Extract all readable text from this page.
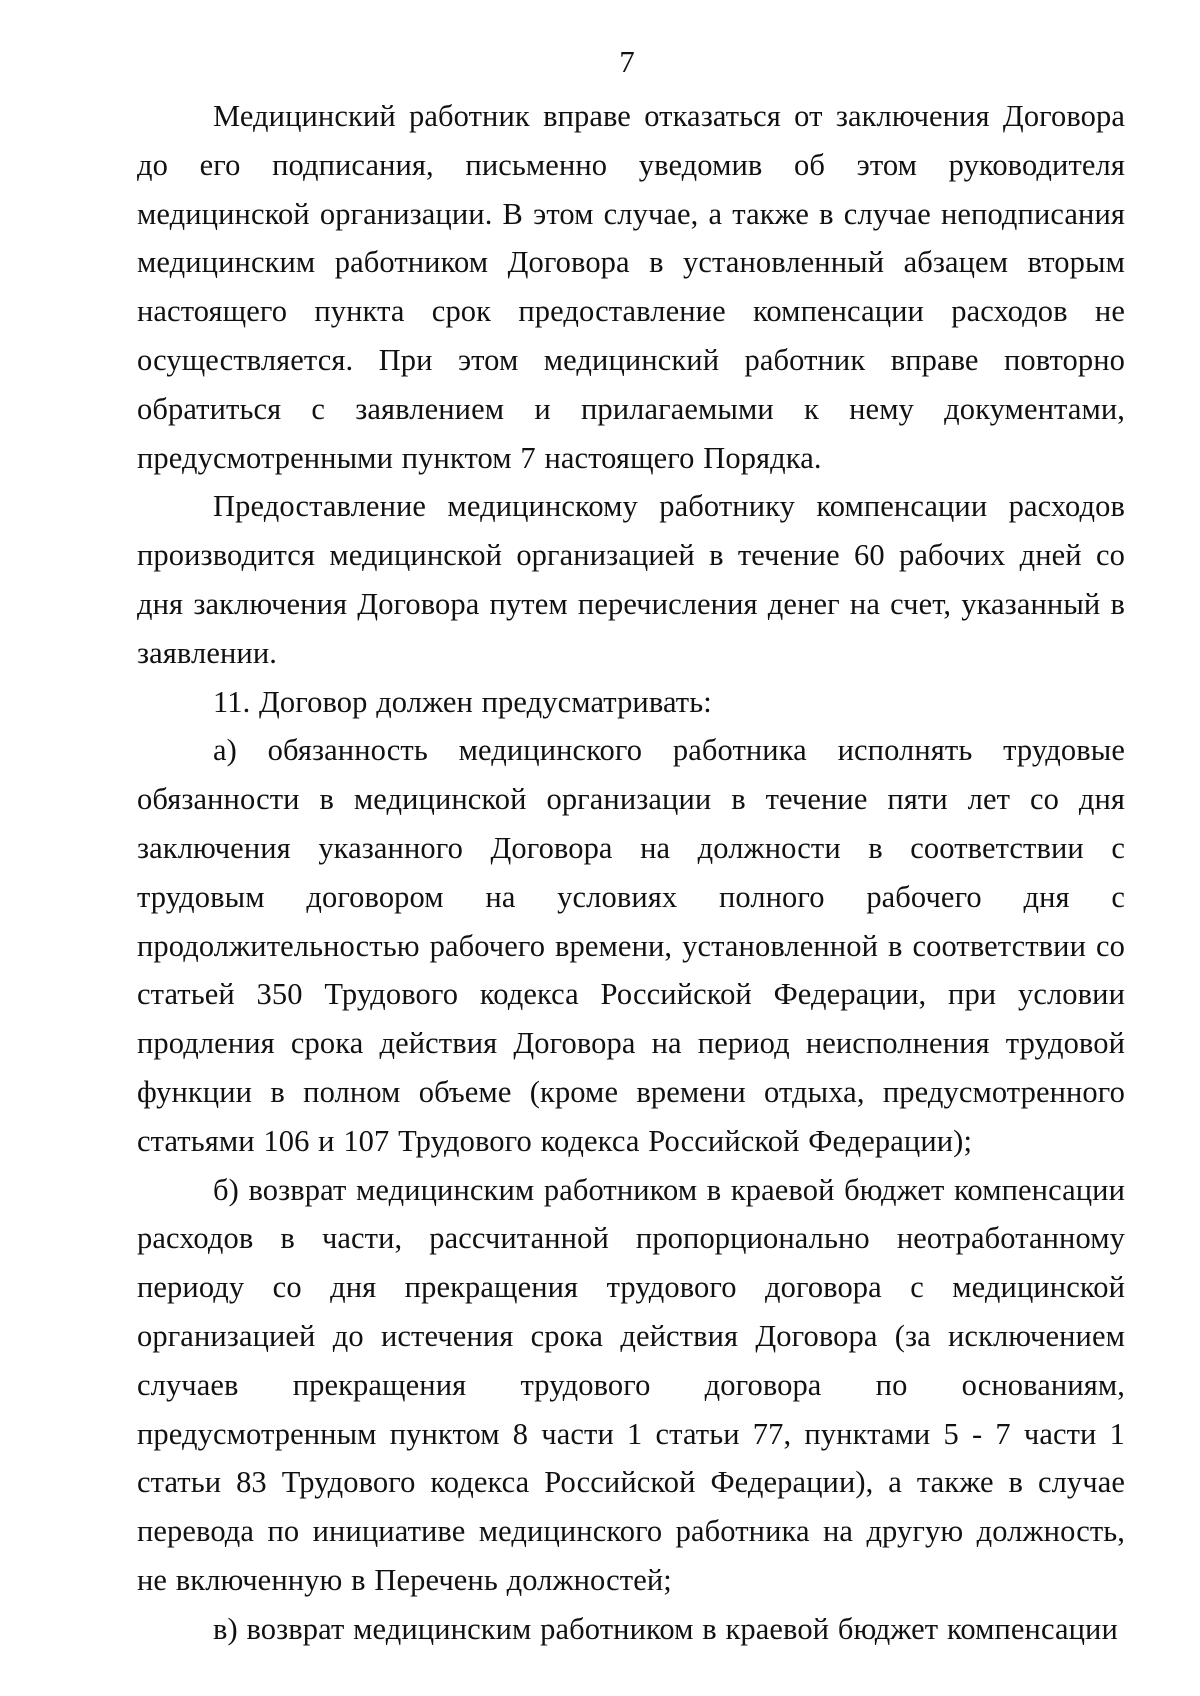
7

Медицинский работник вправе отказаться от заключения Договора до его подписания, письменно уведомив об этом руководителя медицинской организации. В этом случае, а также в случае неподписания медицинским работником Договора в установленный абзацем вторым настоящего пункта срок предоставление компенсации расходов не осуществляется. При этом медицинский работник вправе повторно обратиться с заявлением и прилагаемыми к нему документами, предусмотренными пунктом 7 настоящего Порядка.

Предоставление медицинскому работнику компенсации расходов производится медицинской организацией в течение 60 рабочих дней со дня заключения Договора путем перечисления денег на счет, указанный в заявлении.

11. Договор должен предусматривать:

а) обязанность медицинского работника исполнять трудовые обязанности в медицинской организации в течение пяти лет со дня заключения указанного Договора на должности в соответствии с трудовым договором на условиях полного рабочего дня с продолжительностью рабочего времени, установленной в соответствии со статьей 350 Трудового кодекса Российской Федерации, при условии продления срока действия Договора на период неисполнения трудовой функции в полном объеме (кроме времени отдыха, предусмотренного статьями 106 и 107 Трудового кодекса Российской Федерации);

б) возврат медицинским работником в краевой бюджет компенсации расходов в части, рассчитанной пропорционально неотработанному периоду со дня прекращения трудового договора с медицинской организацией до истечения срока действия Договора (за исключением случаев прекращения трудового договора по основаниям, предусмотренным пунктом 8 части 1 статьи 77, пунктами 5 - 7 части 1 статьи 83 Трудового кодекса Российской Федерации), а также в случае перевода по инициативе медицинского работника на другую должность, не включенную в Перечень должностей;

в) возврат медицинским работником в краевой бюджет компенсации
